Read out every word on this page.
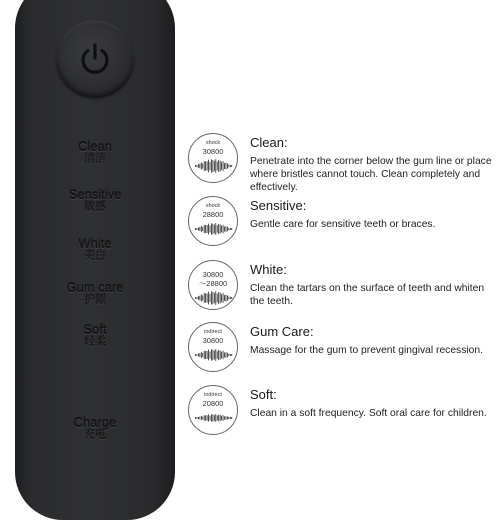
Clean
清洁
Sensitive
敏感
White
美白
Gum care
护龈
Soft
轻柔
Charge
充电
shock
30800
Clean:
Penetrate into the corner below the gum line or place where bristles cannot touch. Clean completely and effectively.
shock
28800
Sensitive:
Gentle care for sensitive teeth or braces.
30800
～28800
White:
Clean the tartars on the surface of teeth and whiten the teeth.
indirect
30800
Gum Care:
Massage for the gum to prevent gingival recession.
indirect
20800
Soft:
Clean in a soft frequency. Soft oral care for children.
